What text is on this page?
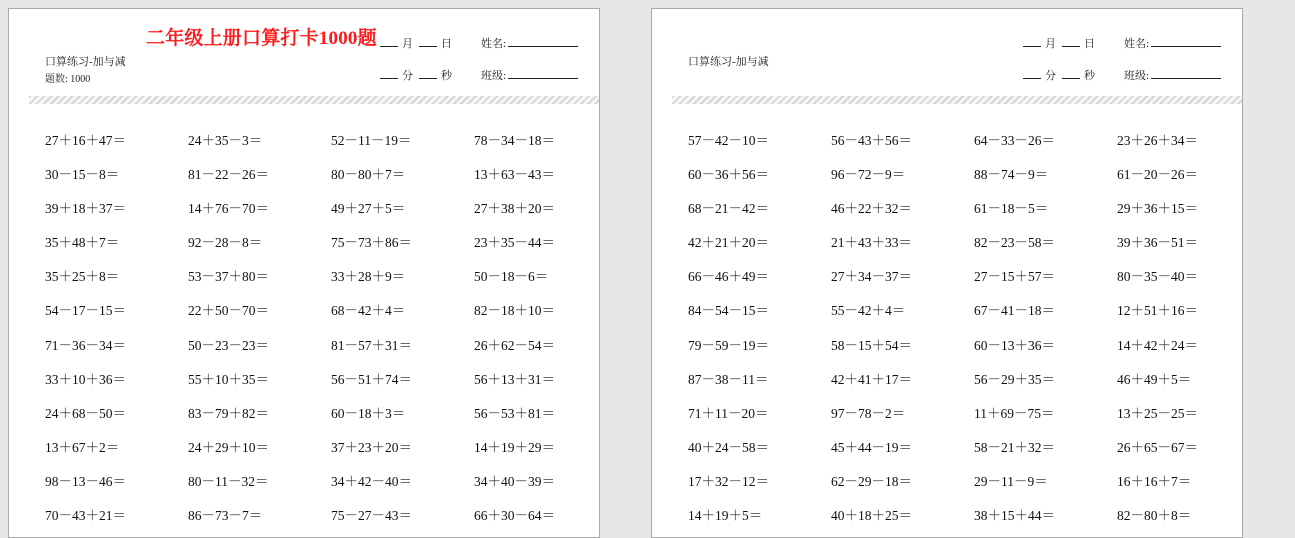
二年级上册口算打卡1000题
口算练习-加与减
题数: 1000
月	日	姓名:
分	秒	班级:
27＋16＋47＝	24＋35－3＝	52－11－19＝	78－34－18＝
30－15－8＝	81－22－26＝	80－80＋7＝	13＋63－43＝
39＋18＋37＝	14＋76－70＝	49＋27＋5＝	27＋38＋20＝
35＋48＋7＝	92－28－8＝	75－73＋86＝	23＋35－44＝
35＋25＋8＝	53－37＋80＝	33＋28＋9＝	50－18－6＝
54－17－15＝	22＋50－70＝	68－42＋4＝	82－18＋10＝
71－36－34＝	50－23－23＝	81－57＋31＝	26＋62－54＝
33＋10＋36＝	55＋10＋35＝	56－51＋74＝	56＋13＋31＝
24＋68－50＝	83－79＋82＝	60－18＋3＝	56－53＋81＝
13＋67＋2＝	24＋29＋10＝	37＋23＋20＝	14＋19＋29＝
98－13－46＝	80－11－32＝	34＋42－40＝	34＋40－39＝
70－43＋21＝	86－73－7＝	75－27－43＝	66＋30－64＝
口算练习-加与减
月	日	姓名:
分	秒	班级:
57－42－10＝	56－43＋56＝	64－33－26＝	23＋26＋34＝
60－36＋56＝	96－72－9＝	88－74－9＝	61－20－26＝
68－21－42＝	46＋22＋32＝	61－18－5＝	29＋36＋15＝
42＋21＋20＝	21＋43＋33＝	82－23－58＝	39＋36－51＝
66－46＋49＝	27＋34－37＝	27－15＋57＝	80－35－40＝
84－54－15＝	55－42＋4＝	67－41－18＝	12＋51＋16＝
79－59－19＝	58－15＋54＝	60－13＋36＝	14＋42＋24＝
87－38－11＝	42＋41＋17＝	56－29＋35＝	46＋49＋5＝
71＋11－20＝	97－78－2＝	11＋69－75＝	13＋25－25＝
40＋24－58＝	45＋44－19＝	58－21＋32＝	26＋65－67＝
17＋32－12＝	62－29－18＝	29－11－9＝	16＋16＋7＝
14＋19＋5＝	40＋18＋25＝	38＋15＋44＝	82－80＋8＝
